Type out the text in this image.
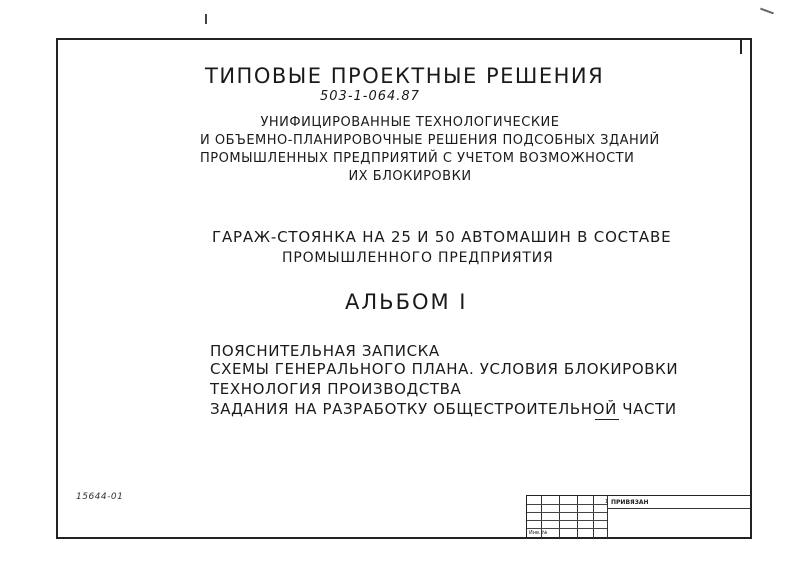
ТИПОВЫЕ ПРОЕКТНЫЕ РЕШЕНИЯ
503-1-064.87
УНИФИЦИРОВАННЫЕ ТЕХНОЛОГИЧЕСКИЕ
И ОБЪЕМНО-ПЛАНИРОВОЧНЫЕ РЕШЕНИЯ ПОДСОБНЫХ ЗДАНИЙ
ПРОМЫШЛЕННЫХ ПРЕДПРИЯТИЙ С УЧЕТОМ ВОЗМОЖНОСТИ
ИХ БЛОКИРОВКИ
ГАРАЖ-СТОЯНКА НА 25 И 50 АВТОМАШИН В СОСТАВЕ
ПРОМЫШЛЕННОГО ПРЕДПРИЯТИЯ
АЛЬБОМ I
ПОЯСНИТЕЛЬНАЯ ЗАПИСКА
СХЕМЫ ГЕНЕРАЛЬНОГО ПЛАНА. УСЛОВИЯ БЛОКИРОВКИ
ТЕХНОЛОГИЯ ПРОИЗВОДСТВА
ЗАДАНИЯ НА РАЗРАБОТКУ ОБЩЕСТРОИТЕЛЬНОЙ ЧАСТИ
15644-01	1 ПРИВЯЗАН
Инв. №
